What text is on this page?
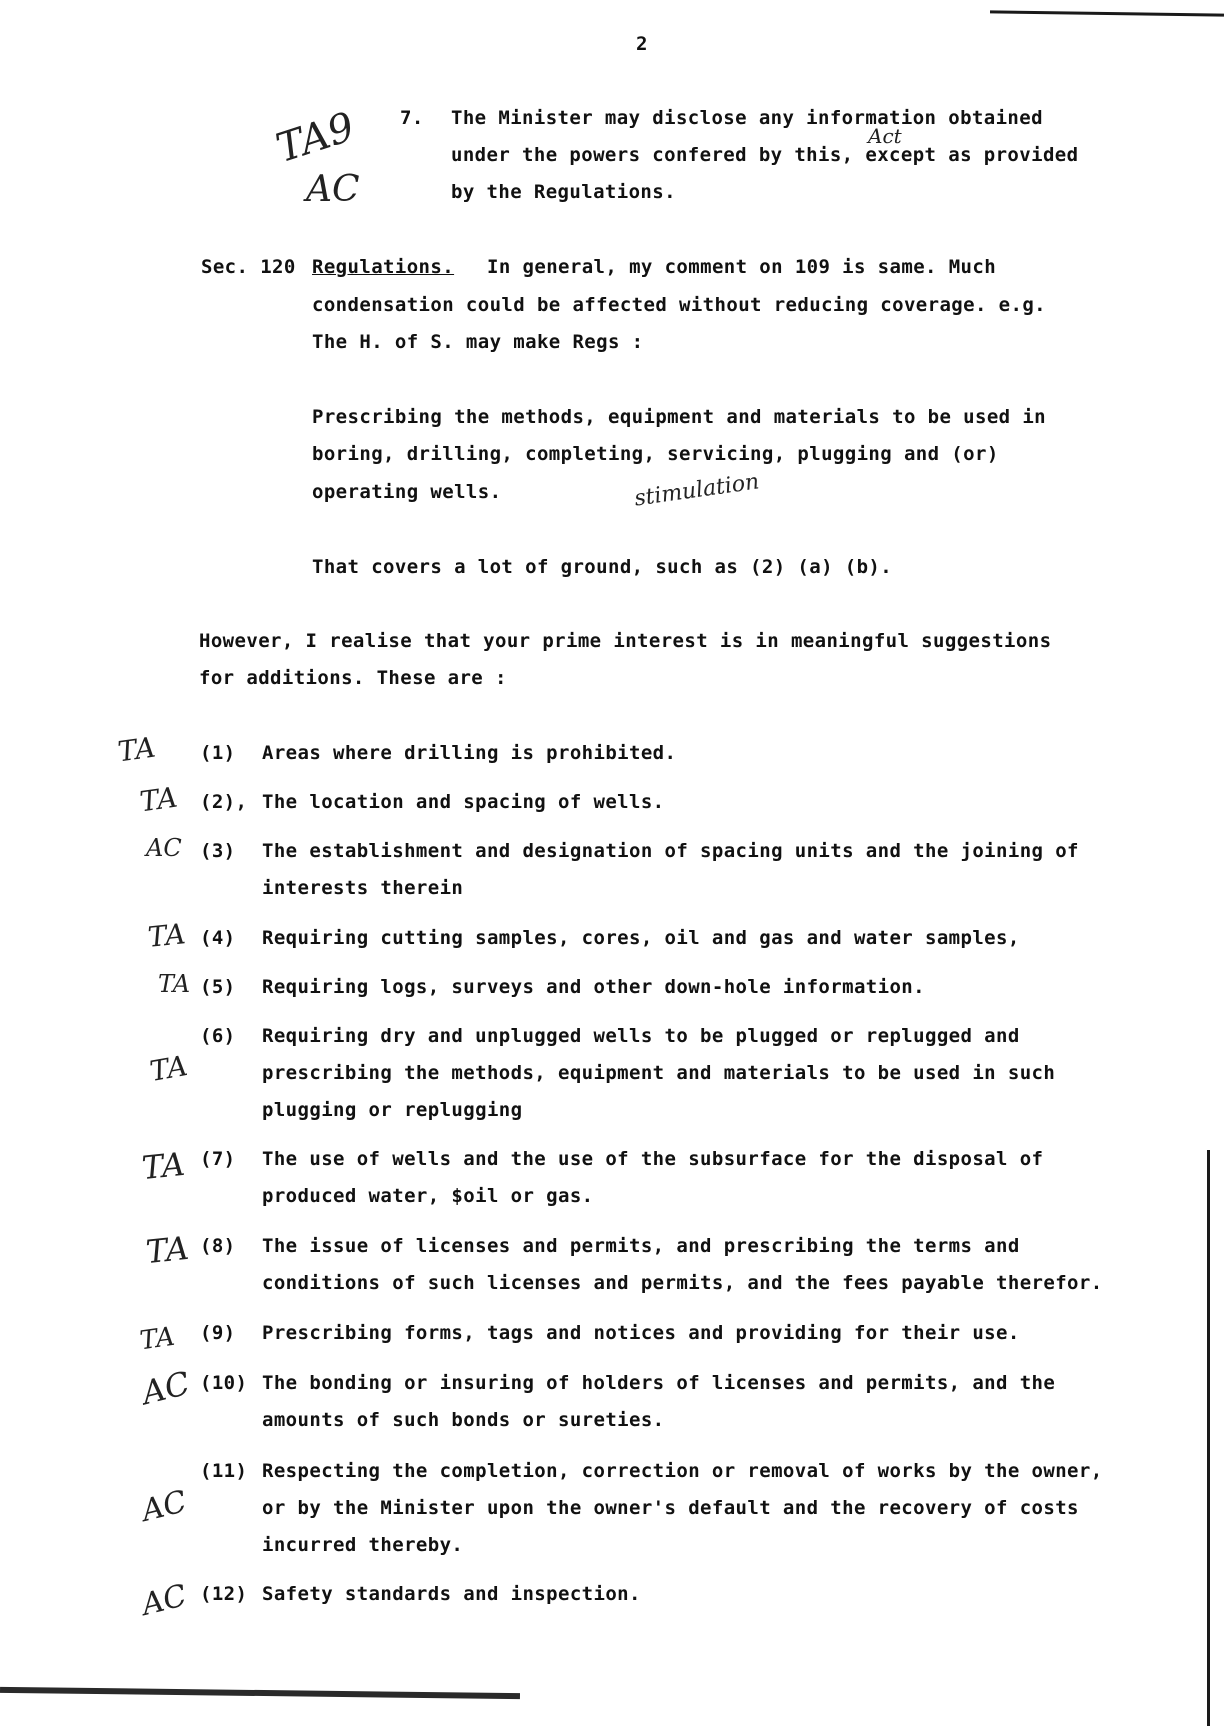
2
7. The Minister may disclose any information obtained
under the powers confered by this, except as provided
by the Regulations.
Act
TA9
AC
Sec. 120 Regulations. In general, my comment on 109 is same. Much
condensation could be affected without reducing coverage. e.g.
The H. of S. may make Regs :
Prescribing the methods, equipment and materials to be used in
boring, drilling, completing, servicing, plugging and (or)
operating wells.	stimulation
That covers a lot of ground, such as (2) (a) (b).
However, I realise that your prime interest is in meaningful suggestions
for additions. These are :
TA (1) Areas where drilling is prohibited.
TA (2), The location and spacing of wells.
AC (3) The establishment and designation of spacing units and the joining of
interests therein
TA (4) Requiring cutting samples, cores, oil and gas and water samples,
TA (5) Requiring logs, surveys and other down-hole information.
TA
(6) Requiring dry and unplugged wells to be plugged or replugged and
prescribing the methods, equipment and materials to be used in such
plugging or replugging
TA (7) The use of wells and the use of the subsurface for the disposal of
produced water, $oil or gas.
TA (8) The issue of licenses and permits, and prescribing the terms and
conditions of such licenses and permits, and the fees payable therefor.
TA (9) Prescribing forms, tags and notices and providing for their use.
AC (10) The bonding or insuring of holders of licenses and permits, and the
amounts of such bonds or sureties.
AC
(11) Respecting the completion, correction or removal of works by the owner,
or by the Minister upon the owner's default and the recovery of costs
incurred thereby.
AC (12) Safety standards and inspection.
